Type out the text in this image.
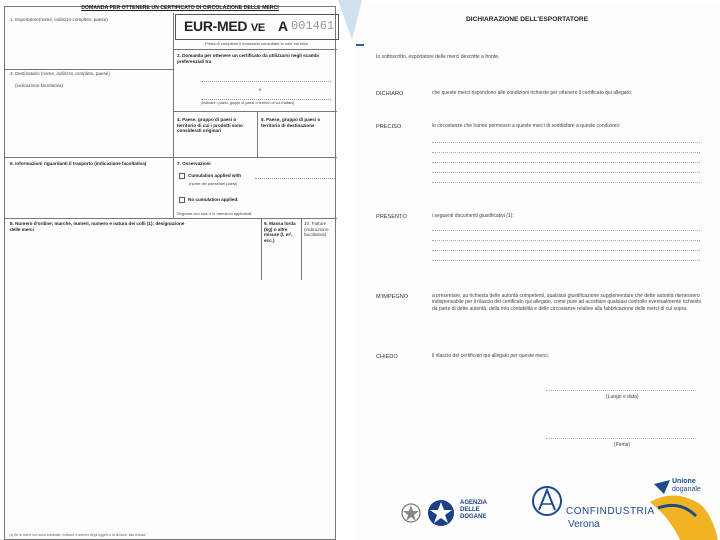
DOMANDA PER OTTENERE UN CERTIFICATO DI CIRCOLAZIONE DELLE MERCI
1. Esportatore(nome, indirizzo completo, paese)	EUR-MED VE A 001461
Prima di compilare il formulario consultare le note sul retro
2. Domanda per ottenere un certificato da utilizzarsi negli scambi preferenziali tra
e
(indicare i paesi, gruppi di paesi o territori di cui trattasi)
3. Destinatario (nome, indirizzo completo, paese)
(indicazione facoltativa)
4. Paese, gruppo di paesi o territorio di cui i prodotti sono considerati originari
5. Paese, gruppo di paesi o territorio di destinazione
6. Informazioni riguardanti il trasporto (indicazione facoltativa)	7. Osservazioni
Cumulation applied with
(nome del paese/dei paesi)
No cumulation applied.
Segnare con una X le menzioni applicabili.
8. Numero d'ordine; marche, numeri, numero e natura dei colli (1); designazione delle merci
9. Massa lorda (kg) o altre misure (l, m³, ecc.)
10. Fatture (indicazione facoltativa)
(1) Se le merci non sono imballate, indicare il numero degli oggetti o la dicitura "alla rinfusa".
DICHIARAZIONE DELL'ESPORTATORE
Io sottoscritto, esportatore delle merci descritte a fronte,
DICHIARO	che queste merci rispondono alle condizioni richieste per ottenere il certificato qui allegato;
PRECISO	le circostanze che hanno permesso a queste merci di soddisfare a queste condizioni:
PRESENTO	i seguenti documenti giustificativi (1):
M'IMPEGNO	a presentare, su richiesta delle autorità competenti, qualsiasi giustificazione supplementare che dette autorità ritenessero indispensabile per il rilascio del certificato qui allegato, come pure ad accettare qualsiasi controllo eventualmente richiesto da parte di dette autorità, della mia contabilità e delle circostanze relative alla fabbricazione delle merci di cui sopra.
CHIEDO	il rilascio del certificato qui allegato per queste merci.
(Luogo e data)
(Firma)
AGENZIA
DELLE
DOGANE	CONFINDUSTRIA
Verona
Unione
doganale
